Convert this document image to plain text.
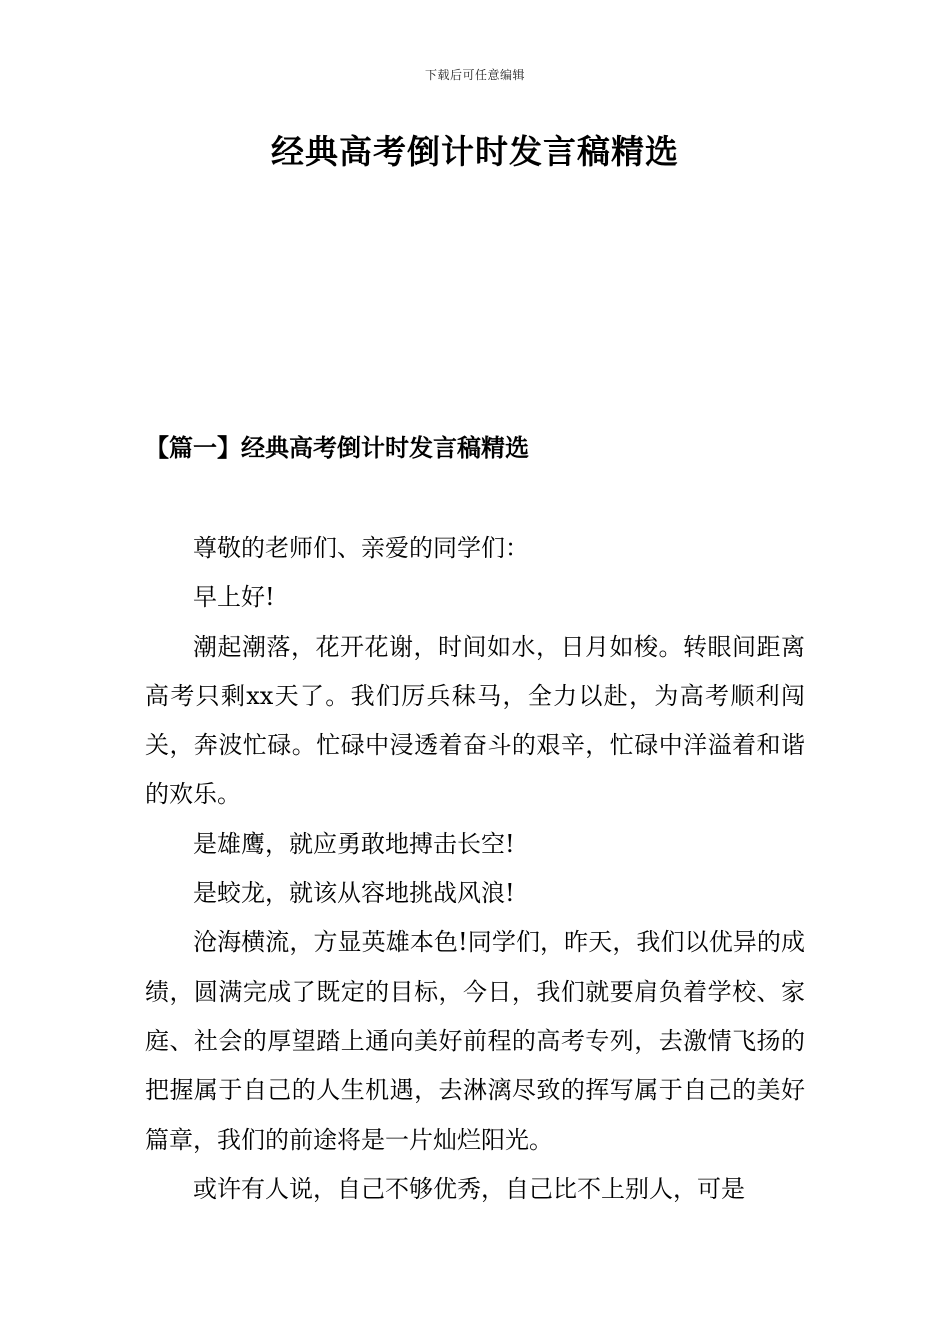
下载后可任意编辑
经典高考倒计时发言稿精选
【篇一】经典高考倒计时发言稿精选

尊敬的老师们、亲爱的同学们：

早上好!

潮起潮落，花开花谢，时间如水，日月如梭。转眼间距离高考只剩xx天了。我们厉兵秣马，全力以赴，为高考顺利闯关，奔波忙碌。忙碌中浸透着奋斗的艰辛，忙碌中洋溢着和谐的欢乐。

是雄鹰，就应勇敢地搏击长空!

是蛟龙，就该从容地挑战风浪!

沧海横流，方显英雄本色!同学们，昨天，我们以优异的成绩，圆满完成了既定的目标，今日，我们就要肩负着学校、家庭、社会的厚望踏上通向美好前程的高考专列，去激情飞扬的把握属于自己的人生机遇，去淋漓尽致的挥写属于自己的美好篇章，我们的前途将是一片灿烂阳光。

或许有人说，自己不够优秀，自己比不上别人，可是
